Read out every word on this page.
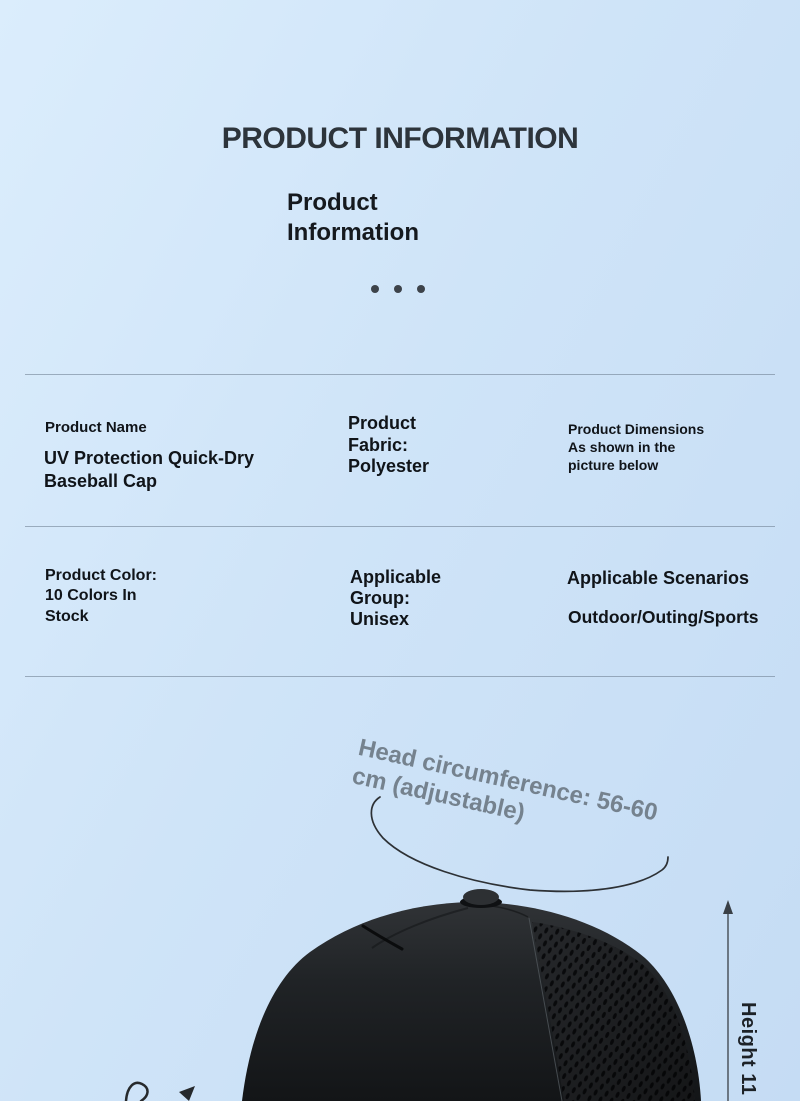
PRODUCT INFORMATION
Product
Information
Product Name
UV Protection Quick-Dry Baseball Cap
Product
Fabric:
Polyester
Product Dimensions
As shown in the
picture below
Product Color:
10 Colors In
Stock
Applicable
Group:
Unisex
Applicable Scenarios
Outdoor/Outing/Sports
Head circumference: 56-60
cm (adjustable)
Height 11
